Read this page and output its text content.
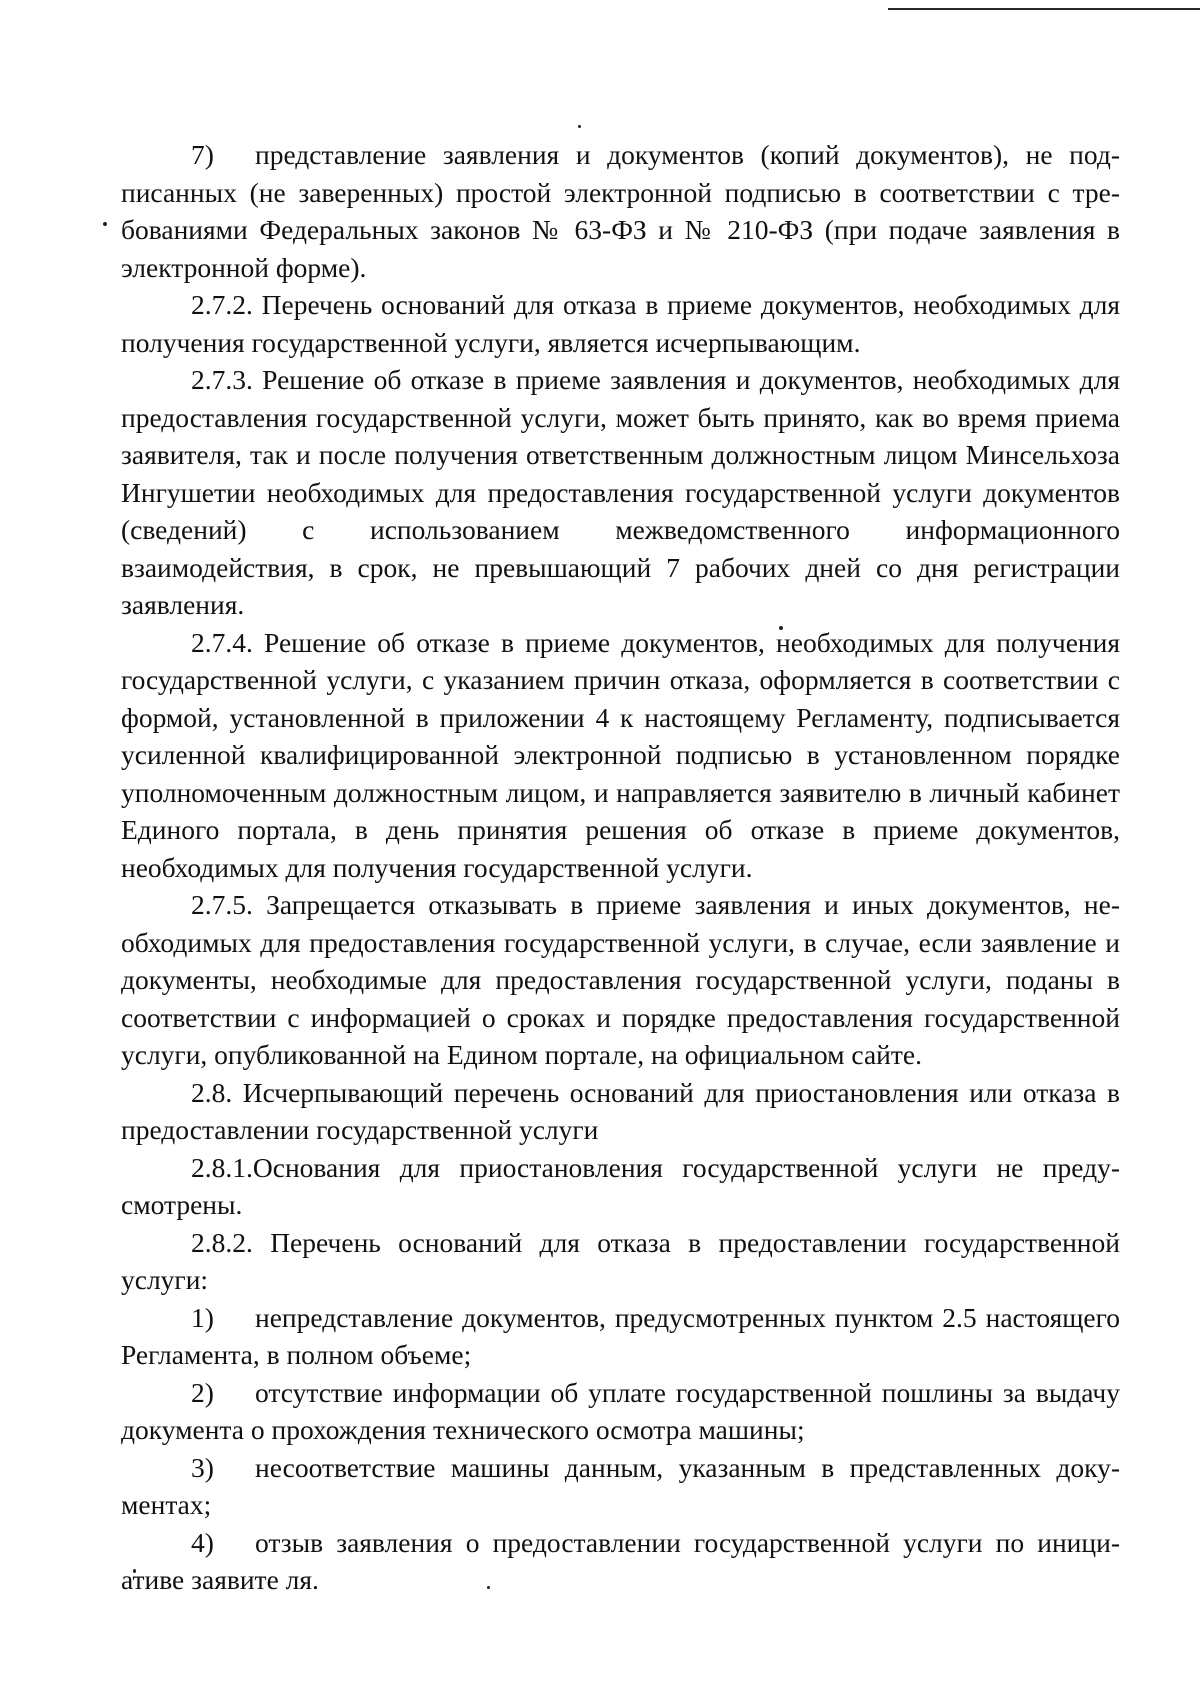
7) представление заявления и документов (копий документов), не подписанных (не заверенных) простой электронной подписью в соответствии с требованиями Федеральных законов № 63-ФЗ и № 210-ФЗ (при подаче заявления в электронной форме).

2.7.2. Перечень оснований для отказа в приеме документов, необходимых для получения государственной услуги, является исчерпывающим.

2.7.3. Решение об отказе в приеме заявления и документов, необходимых для предоставления государственной услуги, может быть принято, как во время приема заявителя, так и после получения ответственным должностным лицом Минсельхоза Ингушетии необходимых для предоставления государственной услуги документов (сведений) с использованием межведомственного информационного взаимодействия, в срок, не превышающий 7 рабочих дней со дня регистрации заявления.

2.7.4. Решение об отказе в приеме документов, необходимых для получения государственной услуги, с указанием причин отказа, оформляется в соответствии с формой, установленной в приложении 4 к настоящему Регламенту, подписывается усиленной квалифицированной электронной подписью в установленном порядке уполномоченным должностным лицом, и направляется заявителю в личный кабинет Единого портала, в день принятия решения об отказе в приеме документов, необходимых для получения государственной услуги.

2.7.5. Запрещается отказывать в приеме заявления и иных документов, необходимых для предоставления государственной услуги, в случае, если заявление и документы, необходимые для предоставления государственной услуги, поданы в соответствии с информацией о сроках и порядке предоставления государственной услуги, опубликованной на Едином портале, на официальном сайте.

2.8. Исчерпывающий перечень оснований для приостановления или отказа в предоставлении государственной услуги

2.8.1.Основания для приостановления государственной услуги не предусмотрены.

2.8.2. Перечень оснований для отказа в предоставлении государственной услуги:

1) непредставление документов, предусмотренных пунктом 2.5 настоящего Регламента, в полном объеме;

2) отсутствие информации об уплате государственной пошлины за выдачу документа о прохождения технического осмотра машины;

3) несоответствие машины данным, указанным в представленных документах;

4) отзыв заявления о предоставлении государственной услуги по инициативе заявите ля.
